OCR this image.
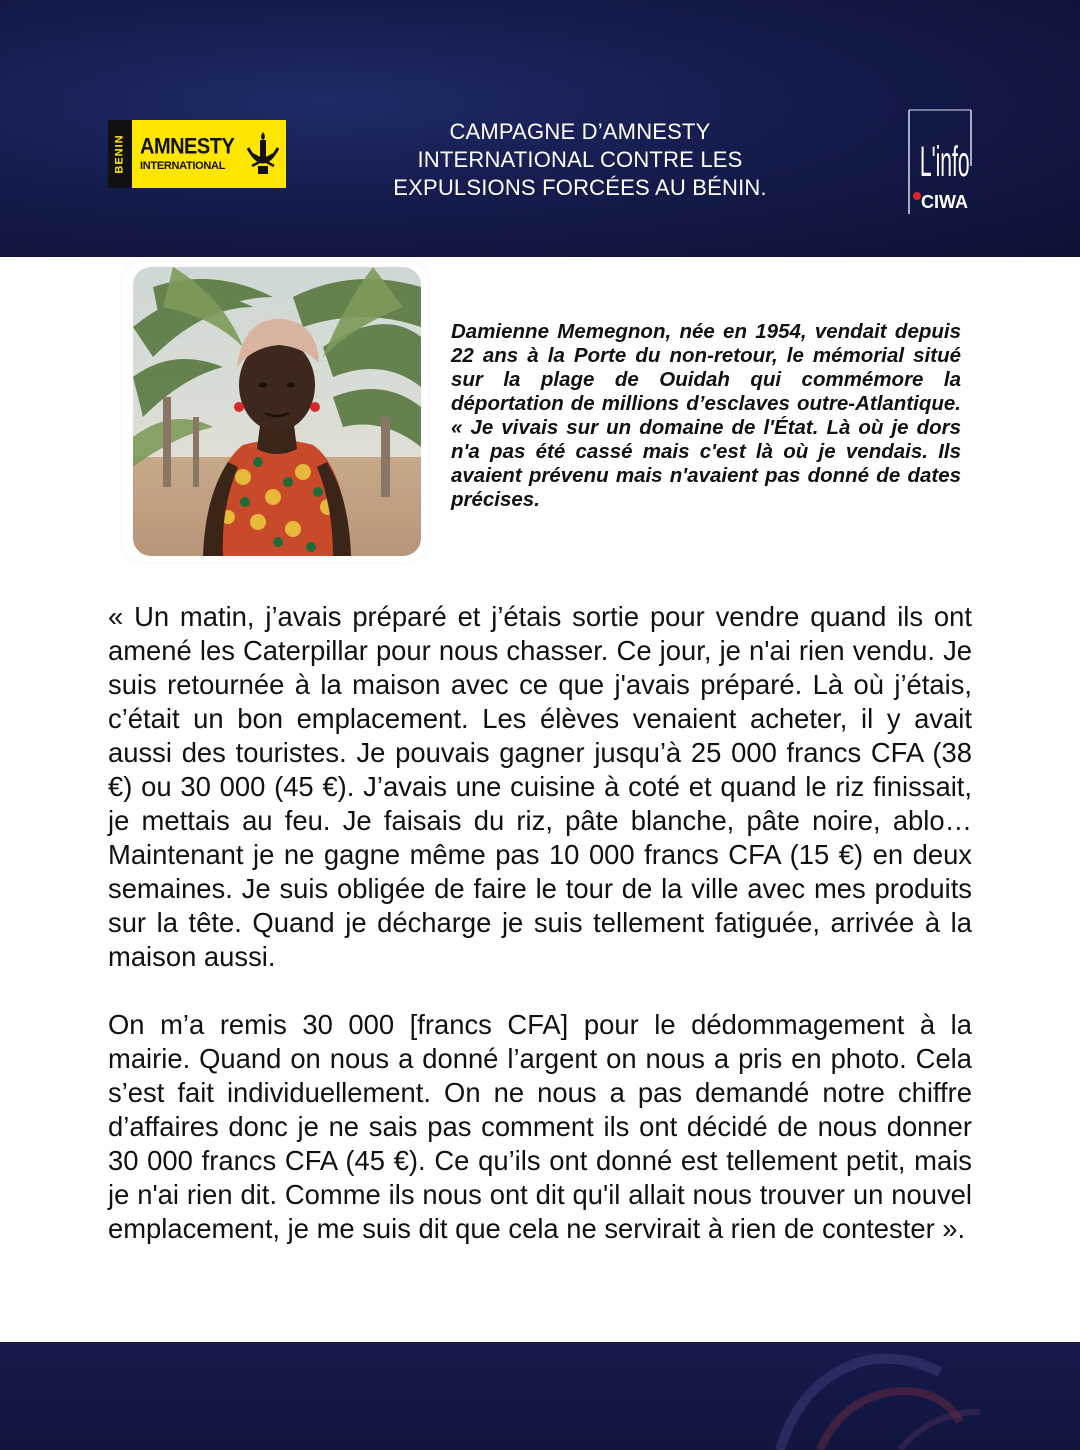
BENIN AMNESTY
INTERNATIONAL
CAMPAGNE D’AMNESTY INTERNATIONAL CONTRE LES EXPULSIONS FORCÉES AU BÉNIN.
L'info
CIWA
Damienne Memegnon, née en 1954, vendait depuis 22 ans à la Porte du non-retour, le mémorial situé sur la plage de Ouidah qui commémore la déportation de millions d’esclaves outre-Atlantique. « Je vivais sur un domaine de l'État. Là où je dors n'a pas été cassé mais c'est là où je vendais. Ils avaient prévenu mais n'avaient pas donné de dates précises.

« Un matin, j’avais préparé et j’étais sortie pour vendre quand ils ont amené les Caterpillar pour nous chasser. Ce jour, je n'ai rien vendu. Je suis retournée à la maison avec ce que j'avais préparé. Là où j’étais, c’était un bon emplacement. Les élèves venaient acheter, il y avait aussi des touristes. Je pouvais gagner jusqu’à 25 000 francs CFA (38 €) ou 30 000 (45 €). J’avais une cuisine à coté et quand le riz finissait, je mettais au feu. Je faisais du riz, pâte blanche, pâte noire, ablo… Maintenant je ne gagne même pas 10 000 francs CFA (15 €) en deux semaines. Je suis obligée de faire le tour de la ville avec mes produits sur la tête. Quand je décharge je suis tellement fatiguée, arrivée à la maison aussi.

On m’a remis 30 000 [francs CFA] pour le dédommagement à la mairie. Quand on nous a donné l’argent on nous a pris en photo. Cela s’est fait individuellement. On ne nous a pas demandé notre chiffre d’affaires donc je ne sais pas comment ils ont décidé de nous donner 30 000 francs CFA (45 €). Ce qu’ils ont donné est tellement petit, mais je n'ai rien dit. Comme ils nous ont dit qu'il allait nous trouver un nouvel emplacement, je me suis dit que cela ne servirait à rien de contester ».
